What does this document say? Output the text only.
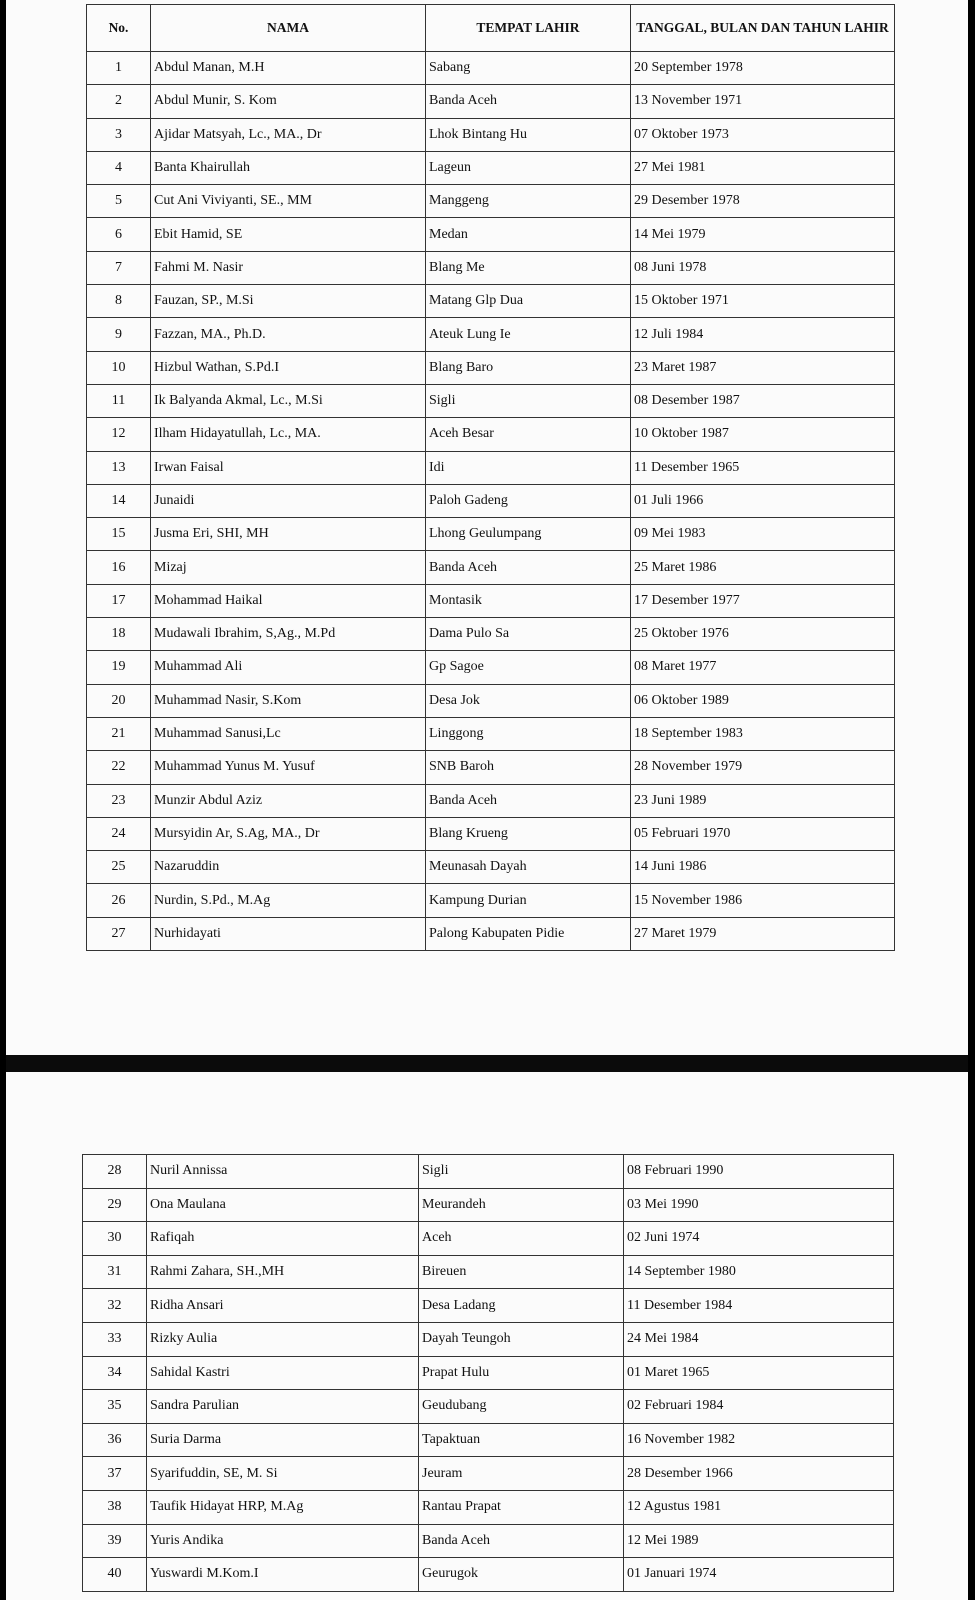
No.	NAMA	TEMPAT LAHIR	TANGGAL, BULAN DAN TAHUN LAHIR
1	Abdul Manan, M.H	Sabang	20 September 1978
2	Abdul Munir, S. Kom	Banda Aceh	13 November 1971
3	Ajidar Matsyah, Lc., MA., Dr	Lhok Bintang Hu	07 Oktober 1973
4	Banta Khairullah	Lageun	27 Mei 1981
5	Cut Ani Viviyanti, SE., MM	Manggeng	29 Desember 1978
6	Ebit Hamid, SE	Medan	14 Mei 1979
7	Fahmi M. Nasir	Blang Me	08 Juni 1978
8	Fauzan, SP., M.Si	Matang Glp Dua	15 Oktober 1971
9	Fazzan, MA., Ph.D.	Ateuk Lung Ie	12 Juli 1984
10	Hizbul Wathan, S.Pd.I	Blang Baro	23 Maret 1987
11	Ik Balyanda Akmal, Lc., M.Si	Sigli	08 Desember 1987
12	Ilham Hidayatullah, Lc., MA.	Aceh Besar	10 Oktober 1987
13	Irwan Faisal	Idi	11 Desember 1965
14	Junaidi	Paloh Gadeng	01 Juli 1966
15	Jusma Eri, SHI, MH	Lhong Geulumpang	09 Mei 1983
16	Mizaj	Banda Aceh	25 Maret 1986
17	Mohammad Haikal	Montasik	17 Desember 1977
18	Mudawali Ibrahim, S,Ag., M.Pd	Dama Pulo Sa	25 Oktober 1976
19	Muhammad Ali	Gp Sagoe	08 Maret 1977
20	Muhammad Nasir, S.Kom	Desa Jok	06 Oktober 1989
21	Muhammad Sanusi,Lc	Linggong	18 September 1983
22	Muhammad Yunus M. Yusuf	SNB Baroh	28 November 1979
23	Munzir Abdul Aziz	Banda Aceh	23 Juni 1989
24	Mursyidin Ar, S.Ag, MA., Dr	Blang Krueng	05 Februari 1970
25	Nazaruddin	Meunasah Dayah	14 Juni 1986
26	Nurdin, S.Pd., M.Ag	Kampung Durian	15 November 1986
27	Nurhidayati	Palong Kabupaten Pidie	27 Maret 1979
28	Nuril Annissa	Sigli	08 Februari 1990
29	Ona Maulana	Meurandeh	03 Mei 1990
30	Rafiqah	Aceh	02 Juni 1974
31	Rahmi Zahara, SH.,MH	Bireuen	14 September 1980
32	Ridha Ansari	Desa Ladang	11 Desember 1984
33	Rizky Aulia	Dayah Teungoh	24 Mei 1984
34	Sahidal Kastri	Prapat Hulu	01 Maret 1965
35	Sandra Parulian	Geudubang	02 Februari 1984
36	Suria Darma	Tapaktuan	16 November 1982
37	Syarifuddin, SE, M. Si	Jeuram	28 Desember 1966
38	Taufik Hidayat HRP, M.Ag	Rantau Prapat	12 Agustus 1981
39	Yuris Andika	Banda Aceh	12 Mei 1989
40	Yuswardi M.Kom.I	Geurugok	01 Januari 1974
